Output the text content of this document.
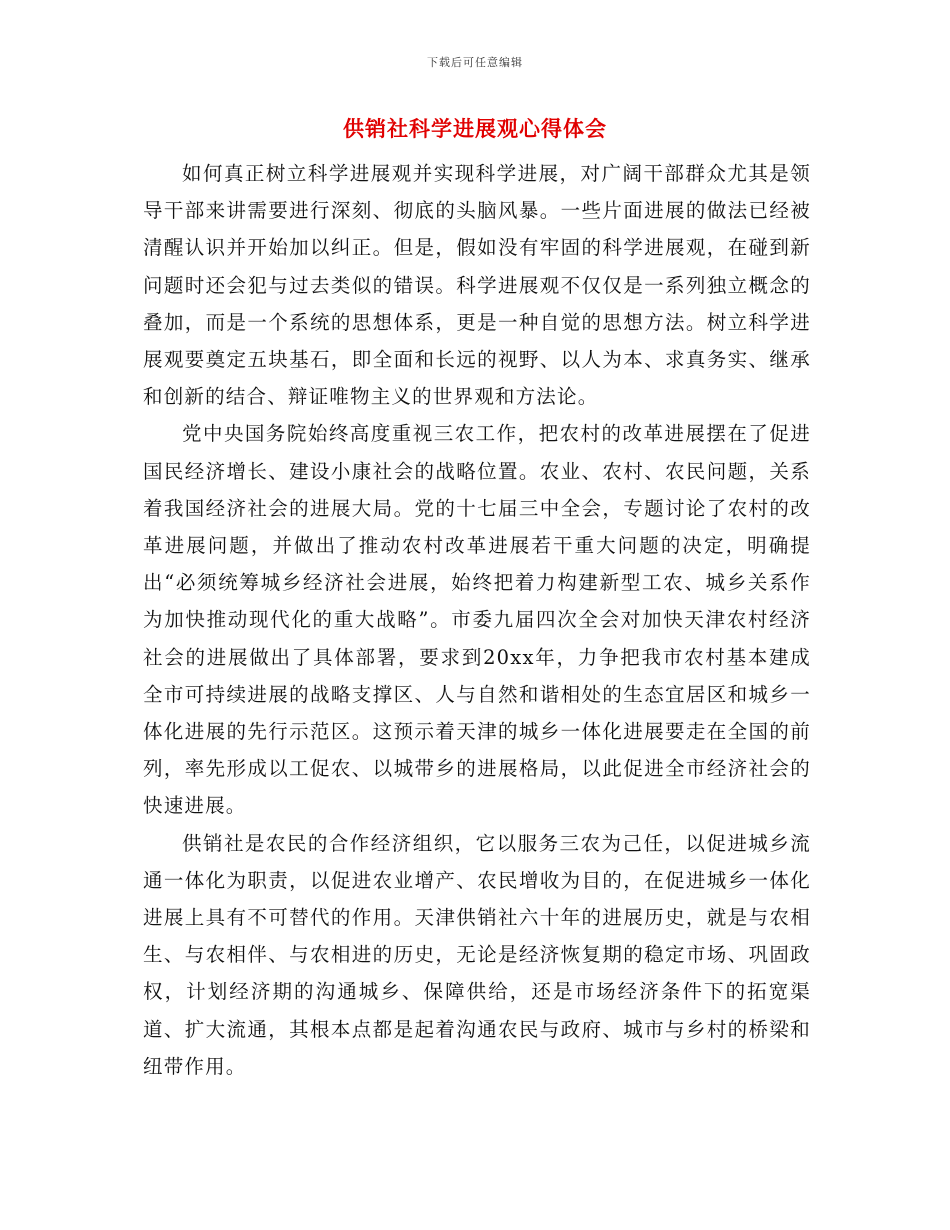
下载后可任意编辑
供销社科学进展观心得体会

如何真正树立科学进展观并实现科学进展，对广阔干部群众尤其是领导干部来讲需要进行深刻、彻底的头脑风暴。一些片面进展的做法已经被清醒认识并开始加以纠正。但是，假如没有牢固的科学进展观，在碰到新问题时还会犯与过去类似的错误。科学进展观不仅仅是一系列独立概念的叠加，而是一个系统的思想体系，更是一种自觉的思想方法。树立科学进展观要奠定五块基石，即全面和长远的视野、以人为本、求真务实、继承和创新的结合、辩证唯物主义的世界观和方法论。

党中央国务院始终高度重视三农工作，把农村的改革进展摆在了促进国民经济增长、建设小康社会的战略位置。农业、农村、农民问题，关系着我国经济社会的进展大局。党的十七届三中全会，专题讨论了农村的改革进展问题，并做出了推动农村改革进展若干重大问题的决定，明确提出“必须统筹城乡经济社会进展，始终把着力构建新型工农、城乡关系作为加快推动现代化的重大战略”。市委九届四次全会对加快天津农村经济社会的进展做出了具体部署，要求到20xx年，力争把我市农村基本建成全市可持续进展的战略支撑区、人与自然和谐相处的生态宜居区和城乡一体化进展的先行示范区。这预示着天津的城乡一体化进展要走在全国的前列，率先形成以工促农、以城带乡的进展格局，以此促进全市经济社会的快速进展。

供销社是农民的合作经济组织，它以服务三农为己任，以促进城乡流通一体化为职责，以促进农业增产、农民增收为目的，在促进城乡一体化进展上具有不可替代的作用。天津供销社六十年的进展历史，就是与农相生、与农相伴、与农相进的历史，无论是经济恢复期的稳定市场、巩固政权，计划经济期的沟通城乡、保障供给，还是市场经济条件下的拓宽渠道、扩大流通，其根本点都是起着沟通农民与政府、城市与乡村的桥梁和纽带作用。
